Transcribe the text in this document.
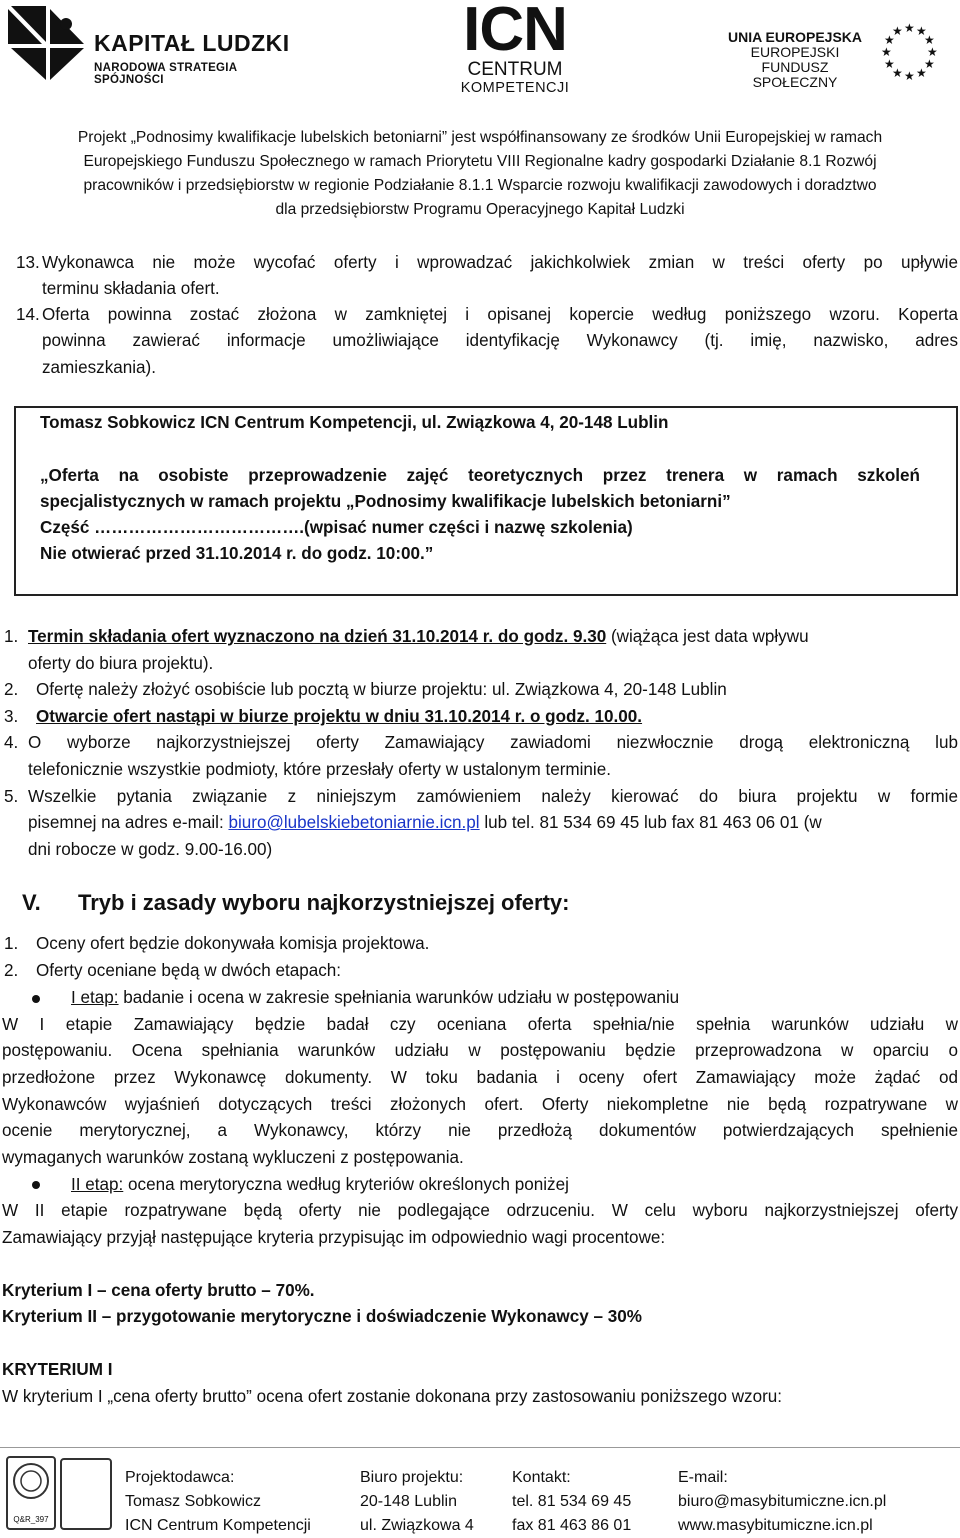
KAPITAŁ LUDZKI
NARODOWA STRATEGIA SPÓJNOŚCI
ICN
CENTRUM
KOMPETENCJI
UNIA EUROPEJSKA
EUROPEJSKI
FUNDUSZ SPOŁECZNY
★ ★
★
★
★
★
★
★
★
★
★
★
Projekt „Podnosimy kwalifikacje lubelskich betoniarni” jest współfinansowany ze środków Unii Europejskiej w ramach
Europejskiego Funduszu Społecznego w ramach Priorytetu VIII Regionalne kadry gospodarki Działanie 8.1 Rozwój
pracowników i przedsiębiorstw w regionie Podziałanie 8.1.1 Wsparcie rozwoju kwalifikacji zawodowych i doradztwo
dla przedsiębiorstw Programu Operacyjnego Kapitał Ludzki
13. Wykonawca nie może wycofać oferty i wprowadzać jakichkolwiek zmian w treści oferty po upływie
terminu składania ofert.
14. Oferta powinna zostać złożona w zamkniętej i opisanej kopercie według poniższego wzoru. Koperta
powinna zawierać informacje umożliwiające identyfikację Wykonawcy (tj. imię, nazwisko, adres
zamieszkania).
Tomasz Sobkowicz ICN Centrum Kompetencji, ul. Związkowa 4, 20-148 Lublin
„Oferta na osobiste przeprowadzenie zajęć teoretycznych przez trenera w ramach szkoleń
specjalistycznych w ramach projektu „Podnosimy kwalifikacje lubelskich betoniarni”
Część ……………………………….(wpisać numer części i nazwę szkolenia)
Nie otwierać przed 31.10.2014 r. do godz. 10:00.”
1. Termin składania ofert wyznaczono na dzień 31.10.2014 r. do godz. 9.30 (wiążąca jest data wpływu
oferty do biura projektu).
2. Ofertę należy złożyć osobiście lub pocztą w biurze projektu: ul. Związkowa 4, 20-148 Lublin
3. Otwarcie ofert nastąpi w biurze projektu w dniu 31.10.2014 r. o godz. 10.00.
4. O wyborze najkorzystniejszej oferty Zamawiający zawiadomi niezwłocznie drogą elektroniczną lub
telefonicznie wszystkie podmioty, które przesłały oferty w ustalonym terminie.
5. Wszelkie pytania związanie z niniejszym zamówieniem należy kierować do biura projektu w formie
pisemnej na adres e-mail: biuro@lubelskiebetoniarnie.icn.pl lub tel. 81 534 69 45 lub fax 81 463 06 01 (w
dni robocze w godz. 9.00-16.00)
V. Tryb i zasady wyboru najkorzystniejszej oferty:
1. Oceny ofert będzie dokonywała komisja projektowa.
2. Oferty oceniane będą w dwóch etapach:
I etap: badanie i ocena w zakresie spełniania warunków udziału w postępowaniu
W I etapie Zamawiający będzie badał czy oceniana oferta spełnia/nie spełnia warunków udziału w
postępowaniu. Ocena spełniania warunków udziału w postępowaniu będzie przeprowadzona w oparciu o
przedłożone przez Wykonawcę dokumenty. W toku badania i oceny ofert Zamawiający może żądać od
Wykonawców wyjaśnień dotyczących treści złożonych ofert. Oferty niekompletne nie będą rozpatrywane w
ocenie merytorycznej, a Wykonawcy, którzy nie przedłożą dokumentów potwierdzających spełnienie
wymaganych warunków zostaną wykluczeni z postępowania.
II etap: ocena merytoryczna według kryteriów określonych poniżej
W II etapie rozpatrywane będą oferty nie podlegające odrzuceniu. W celu wyboru najkorzystniejszej oferty
Zamawiający przyjął następujące kryteria przypisując im odpowiednio wagi procentowe:
Kryterium I – cena oferty brutto – 70%.
Kryterium II – przygotowanie merytoryczne i doświadczenie Wykonawcy – 30%
KRYTERIUM I
W kryterium I „cena oferty brutto” ocena ofert zostanie dokonana przy zastosowaniu poniższego wzoru:
Q&R_397
Projektodawca:
Tomasz Sobkowicz
ICN Centrum Kompetencji
Biuro projektu:
20-148 Lublin
ul. Związkowa 4
Kontakt:
tel. 81 534 69 45
fax 81 463 86 01
E-mail:
biuro@masybitumiczne.icn.pl
www.masybitumiczne.icn.pl
